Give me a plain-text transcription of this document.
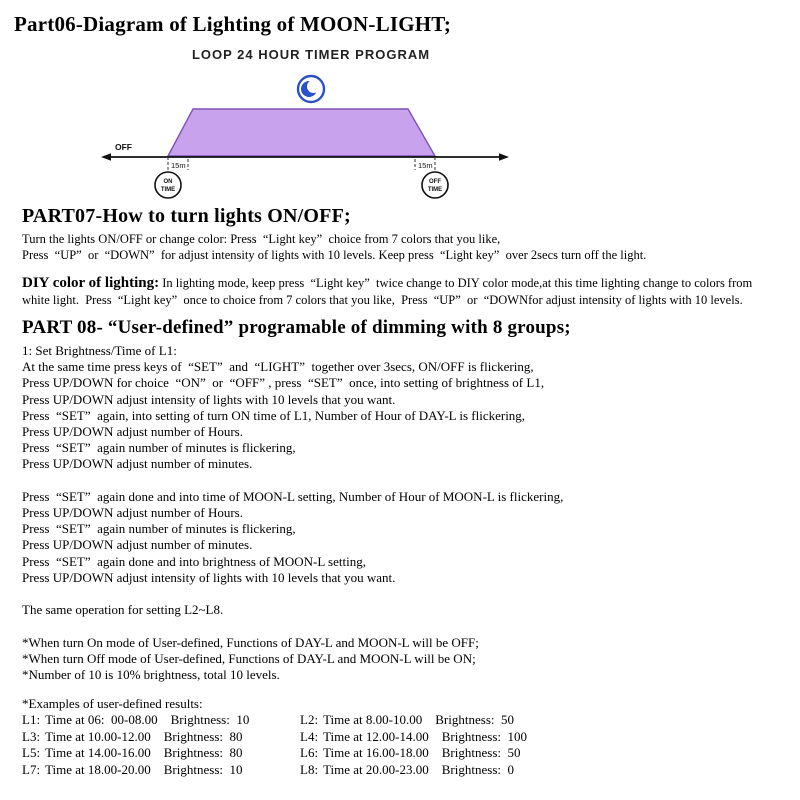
Part06-Diagram of Lighting of MOON-LIGHT;
LOOP 24 HOUR TIMER PROGRAM
OFF
15m	15m
ON
TIME
OFF
TIME
PART07-How to turn lights ON/OFF;
Turn the lights ON/OFF or change color: Press  “Light key”  choice from 7 colors that you like,
Press  “UP”  or  “DOWN”  for adjust intensity of lights with 10 levels. Keep press  “Light key”  over 2secs turn off the light.

DIY color of lighting: In lighting mode, keep press  “Light key”  twice change to DIY color mode,at this time lighting change to colors from white light.  Press  “Light key”  once to choice from 7 colors that you like,  Press  “UP”  or  “DOWNfor adjust intensity of lights with 10 levels.

PART 08- “User-defined” programable of dimming with 8 groups;
1: Set Brightness/Time of L1:
At the same time press keys of  “SET”  and  “LIGHT”  together over 3secs, ON/OFF is flickering,
Press UP/DOWN for choice  “ON”  or  “OFF” , press  “SET”  once, into setting of brightness of L1,
Press UP/DOWN adjust intensity of lights with 10 levels that you want.
Press  “SET”  again, into setting of turn ON time of L1, Number of Hour of DAY-L is flickering,
Press UP/DOWN adjust number of Hours.
Press  “SET”  again number of minutes is flickering,
Press UP/DOWN adjust number of minutes.
Press  “SET”  again done and into time of MOON-L setting, Number of Hour of MOON-L is flickering,
Press UP/DOWN adjust number of Hours.
Press  “SET”  again number of minutes is flickering,
Press UP/DOWN adjust number of minutes.
Press  “SET”  again done and into brightness of MOON-L setting,
Press UP/DOWN adjust intensity of lights with 10 levels that you want.
The same operation for setting L2~L8.
*When turn On mode of User-defined, Functions of DAY-L and MOON-L will be OFF;
*When turn Off mode of User-defined, Functions of DAY-L and MOON-L will be ON;
*Number of 10 is 10% brightness, total 10 levels.
*Examples of user-defined results:
L1: Time at 06:  00-08.00 Brightness:  10	L2: Time at 8.00-10.00 Brightness:  50
L3: Time at 10.00-12.00 Brightness:  80	L4: Time at 12.00-14.00 Brightness:  100
L5: Time at 14.00-16.00 Brightness:  80	L6: Time at 16.00-18.00 Brightness:  50
L7: Time at 18.00-20.00 Brightness:  10	L8: Time at 20.00-23.00 Brightness:  0
